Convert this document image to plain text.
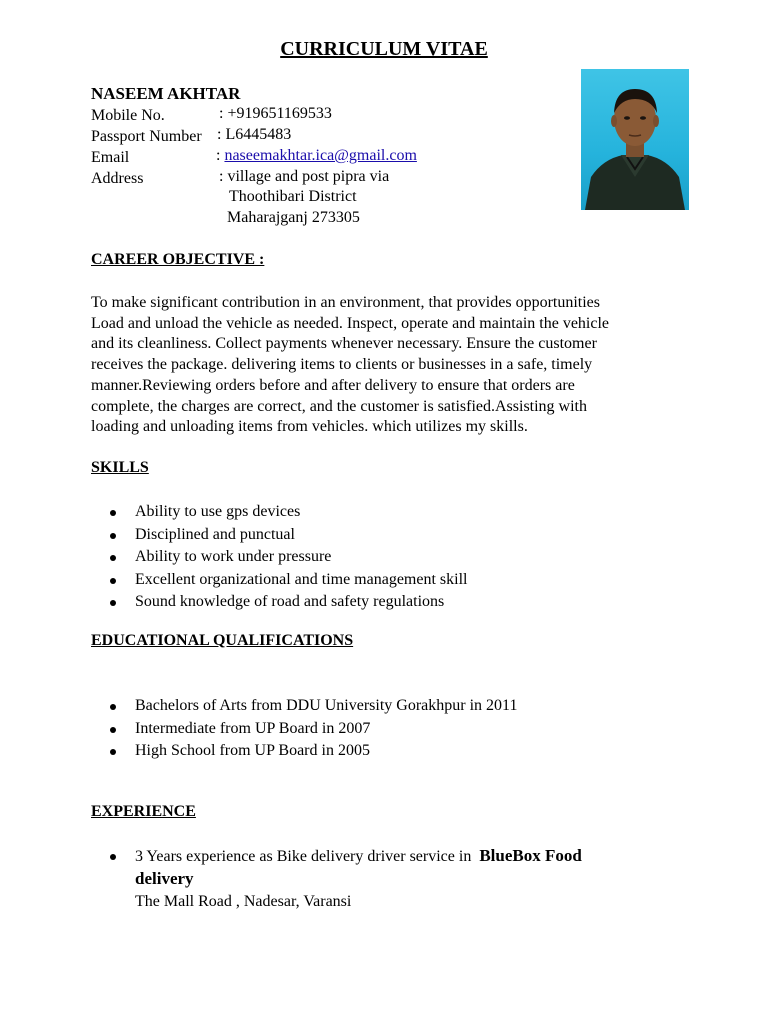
CURRICULUM VITAE
NASEEM AKHTAR
Mobile No.	: +919651169533
Passport Number : L6445483
Email	: naseemakhtar.ica@gmail.com
Address	: village and post pipra via
Thoothibari District
Maharajganj 273305
CAREER OBJECTIVE :
To make significant contribution in an environment, that provides opportunities
Load and unload the vehicle as needed. Inspect, operate and maintain the vehicle
and its cleanliness. Collect payments whenever necessary. Ensure the customer
receives the package. delivering items to clients or businesses in a safe, timely
manner.Reviewing orders before and after delivery to ensure that orders are
complete, the charges are correct, and the customer is satisfied.Assisting with
loading and unloading items from vehicles. which utilizes my skills.
SKILLS
Ability to use gps devices
Disciplined and punctual
Ability to work under pressure
Excellent organizational and time management skill
Sound knowledge of road and safety regulations
EDUCATIONAL QUALIFICATIONS
Bachelors of Arts from DDU University Gorakhpur in 2011
Intermediate from UP Board in 2007
High School from UP Board in 2005
EXPERIENCE
3 Years experience as Bike delivery driver service in BlueBox Food
delivery
The Mall Road , Nadesar, Varansi
